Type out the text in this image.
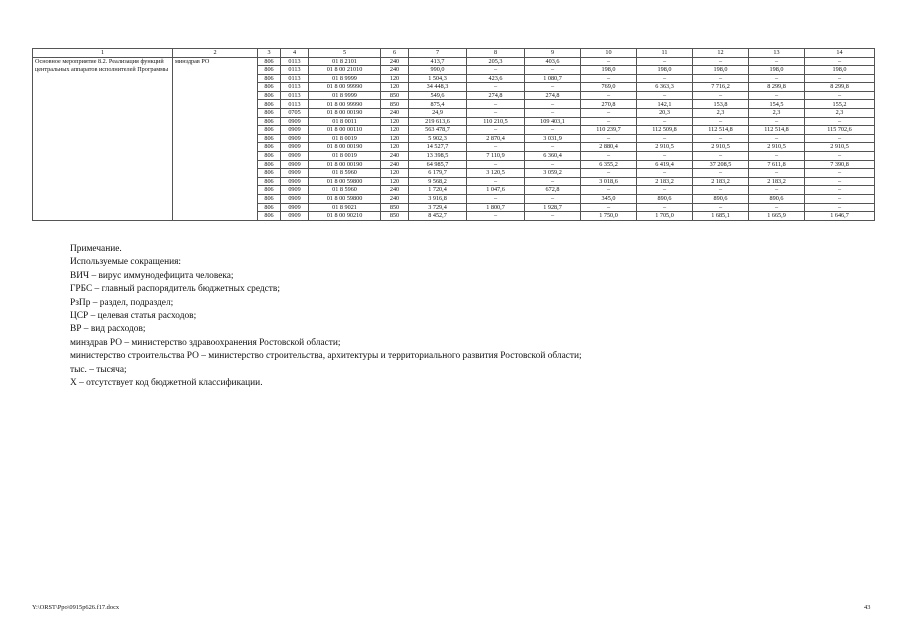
1	2	3	4	5	6	7	8	9	10	11	12	13	14
Основное мероприятие 8.2. Реализация функций центральных аппаратов исполнителей Программы	минздрав РО	806	0113	01 8 2101	240	413,7	205,3	403,6	–	–	–	–	–
		806	0113	01 8 00 21010	240	990,0	–	–	198,0	198,0	198,0	198,0	198,0
		806	0113	01 8 9999	120	1 504,3	423,6	1 080,7	–	–	–	–	–
		806	0113	01 8 00 99990	120	34 448,3	–	–	769,0	6 363,3	7 716,2	8 299,8	8 299,8
		806	0113	01 8 9999	850	549,6	274,8	274,8	–	–	–	–	–
		806	0113	01 8 00 99990	850	875,4	–	–	270,8	142,1	153,8	154,5	155,2
		806	0705	01 8 00 00190	240	24,9	–	–	–	20,3	2,3	2,3	2,3
		806	0909	01 8 0011	120	219 613,6	110 210,5	109 403,1	–	–	–	–	–
		806	0909	01 8 00 00110	120	563 478,7	–	–	110 239,7	112 509,8	112 514,8	112 514,8	115 702,6
		806	0909	01 8 0019	120	5 902,3	2 870,4	3 031,9	–	–	–	–	–
		806	0909	01 8 00 00190	120	14 527,7	–	–	2 880,4	2 910,5	2 910,5	2 910,5	2 910,5
		806	0909	01 8 0019	240	13 398,5	7 110,9	6 360,4	–	–	–	–	–
		806	0909	01 8 00 00190	240	64 985,7	–	–	6 355,2	6 419,4	37 208,5	7 611,8	7 390,8
		806	0909	01 8 5960	120	6 179,7	3 120,5	3 059,2	–	–	–	–	–
		806	0909	01 8 00 59800	120	9 568,2	–	–	3 018,6	2 183,2	2 183,2	2 183,2	–
		806	0909	01 8 5960	240	1 720,4	1 047,6	672,8	–	–	–	–	–
		806	0909	01 8 00 59800	240	3 916,8	–	–	345,0	890,6	890,6	890,6	–
		806	0909	01 8 9021	850	3 729,4	1 800,7	1 928,7	–	–	–	–	–
		806	0909	01 8 00 90210	850	8 452,7	–	–	1 750,0	1 705,0	1 685,1	1 665,9	1 646,7
Примечание.
Используемые сокращения:
ВИЧ – вирус иммунодефицита человека;
ГРБС – главный распорядитель бюджетных средств;
РзПр – раздел, подраздел;
ЦСР – целевая статья расходов;
ВР – вид расходов;
минздрав РО – министерство здравоохранения Ростовской области;
министерство строительства РО – министерство строительства, архитектуры и территориального развития Ростовской области;
тыс. – тысяча;
Х – отсутствует код бюджетной классификации.
Y:\ORST\Ppo\0915p626.f17.docx	43
